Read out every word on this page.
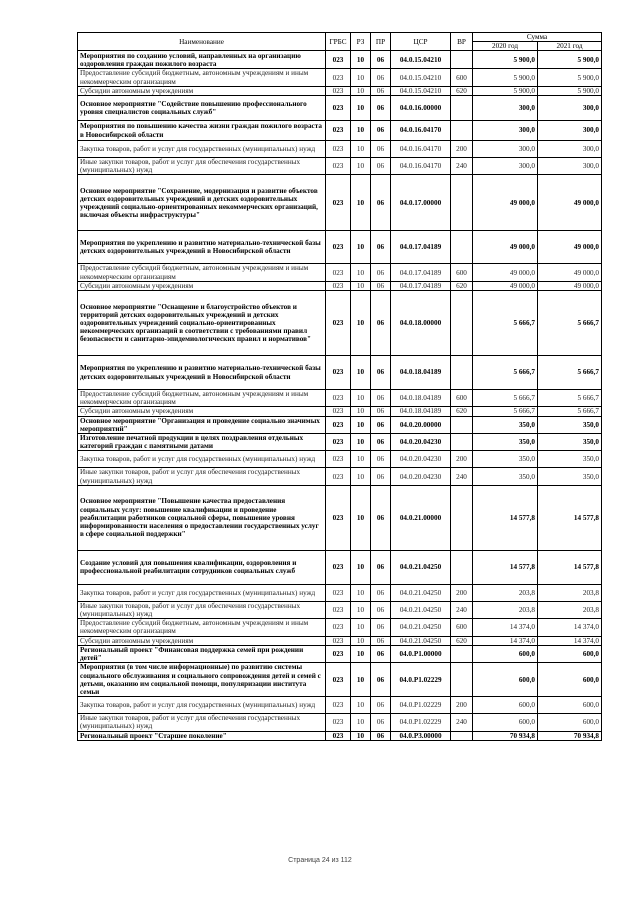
Наименование	ГРБС	РЗ	ПР	ЦСР	ВР	Сумма	
						2020 год	2021 год
Мероприятия по созданию условий, направленных на организацию оздоровления граждан пожилого возраста	023	10	06	04.0.15.04210		5 900,0	5 900,0
Предоставление субсидий бюджетным, автономным учреждениям и иным некоммерческим организациям	023	10	06	04.0.15.04210	600	5 900,0	5 900,0
Субсидии автономным учреждениям	023	10	06	04.0.15.04210	620	5 900,0	5 900,0
Основное мероприятие "Содействие повышению профессионального уровня специалистов социальных служб"	023	10	06	04.0.16.00000		300,0	300,0
Мероприятия по повышению качества жизни граждан пожилого возраста в Новосибирской области	023	10	06	04.0.16.04170		300,0	300,0
Закупка товаров, работ и услуг для государственных (муниципальных) нужд	023	10	06	04.0.16.04170	200	300,0	300,0
Иные закупки товаров, работ и услуг для обеспечения государственных (муниципальных) нужд	023	10	06	04.0.16.04170	240	300,0	300,0
Основное мероприятие "Сохранение, модернизация и развитие объектов детских оздоровительных учреждений и детских оздоровительных учреждений социально-ориентированных некоммерческих организаций, включая объекты инфраструктуры"	023	10	06	04.0.17.00000		49 000,0	49 000,0
Мероприятия по укреплению и развитию материально-технической базы детских оздоровительных учреждений в Новосибирской области	023	10	06	04.0.17.04189		49 000,0	49 000,0
Предоставление субсидий бюджетным, автономным учреждениям и иным некоммерческим организациям	023	10	06	04.0.17.04189	600	49 000,0	49 000,0
Субсидии автономным учреждениям	023	10	06	04.0.17.04189	620	49 000,0	49 000,0
Основное мероприятие "Оснащение и благоустройство объектов и территорий детских оздоровительных учреждений и детских оздоровительных учреждений социально-ориентированных некоммерческих организаций в соответствии с требованиями правил безопасности и санитарно-эпидемиологических правил и нормативов"	023	10	06	04.0.18.00000		5 666,7	5 666,7
Мероприятия по укреплению и развитию материально-технической базы детских оздоровительных учреждений в Новосибирской области	023	10	06	04.0.18.04189		5 666,7	5 666,7
Предоставление субсидий бюджетным, автономным учреждениям и иным некоммерческим организациям	023	10	06	04.0.18.04189	600	5 666,7	5 666,7
Субсидии автономным учреждениям	023	10	06	04.0.18.04189	620	5 666,7	5 666,7
Основное мероприятие "Организация и проведение социально значимых мероприятий"	023	10	06	04.0.20.00000		350,0	350,0
Изготовление печатной продукции в целях поздравления отдельных категорий граждан с памятными датами	023	10	06	04.0.20.04230		350,0	350,0
Закупка товаров, работ и услуг для государственных (муниципальных) нужд	023	10	06	04.0.20.04230	200	350,0	350,0
Иные закупки товаров, работ и услуг для обеспечения государственных (муниципальных) нужд	023	10	06	04.0.20.04230	240	350,0	350,0
Основное мероприятие "Повышение качества предоставления социальных услуг: повышение квалификации и проведение реабилитации работников социальной сферы, повышение уровня информированности населения о предоставлении государственных услуг в сфере социальной поддержки"	023	10	06	04.0.21.00000		14 577,8	14 577,8
Создание условий для повышения квалификации, оздоровления и профессиональной реабилитации сотрудников социальных служб	023	10	06	04.0.21.04250		14 577,8	14 577,8
Закупка товаров, работ и услуг для государственных (муниципальных) нужд	023	10	06	04.0.21.04250	200	203,8	203,8
Иные закупки товаров, работ и услуг для обеспечения государственных (муниципальных) нужд	023	10	06	04.0.21.04250	240	203,8	203,8
Предоставление субсидий бюджетным, автономным учреждениям и иным некоммерческим организациям	023	10	06	04.0.21.04250	600	14 374,0	14 374,0
Субсидии автономным учреждениям	023	10	06	04.0.21.04250	620	14 374,0	14 374,0
Региональный проект "Финансовая поддержка семей при рождении детей"	023	10	06	04.0.P1.00000		600,0	600,0
Мероприятия (в том числе информационные) по развитию системы социального обслуживания и социального сопровождения детей и семей с детьми, оказанию им социальной помощи, популяризации института семьи	023	10	06	04.0.P1.02229		600,0	600,0
Закупка товаров, работ и услуг для государственных (муниципальных) нужд	023	10	06	04.0.P1.02229	200	600,0	600,0
Иные закупки товаров, работ и услуг для обеспечения государственных (муниципальных) нужд	023	10	06	04.0.P1.02229	240	600,0	600,0
Региональный проект "Старшее поколение"	023	10	06	04.0.P3.00000		70 934,8	70 934,8
Страница 24 из 112
